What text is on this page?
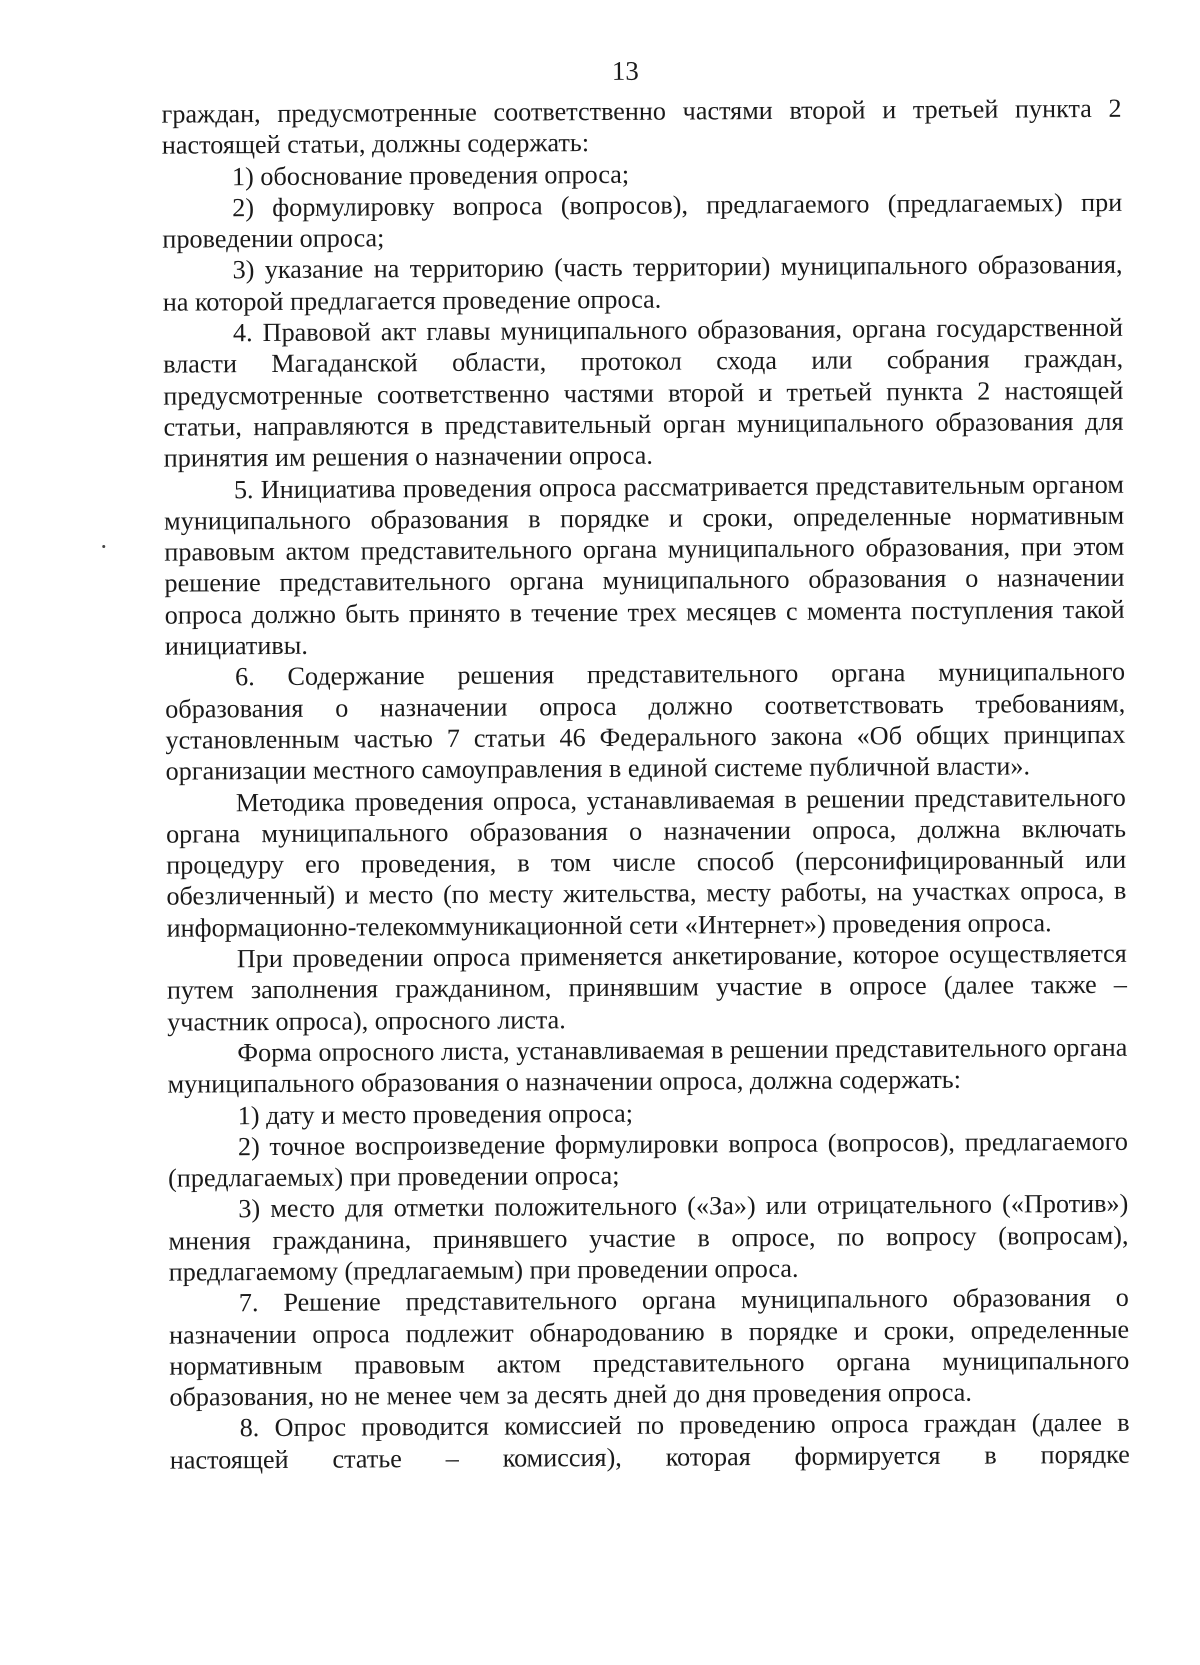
13

граждан, предусмотренные соответственно частями второй и третьей пункта 2 настоящей статьи, должны содержать:

1) обоснование проведения опроса;

2) формулировку вопроса (вопросов), предлагаемого (предлагаемых) при проведении опроса;

3) указание на территорию (часть территории) муниципального образования, на которой предлагается проведение опроса.

4. Правовой акт главы муниципального образования, органа государственной власти Магаданской области, протокол схода или собрания граждан, предусмотренные соответственно частями второй и третьей пункта 2 настоящей статьи, направляются в представительный орган муниципального образования для принятия им решения о назначении опроса.

5. Инициатива проведения опроса рассматривается представительным органом муниципального образования в порядке и сроки, определенные нормативным правовым актом представительного органа муниципального образования, при этом решение представительного органа муниципального образования о назначении опроса должно быть принято в течение трех месяцев с момента поступления такой инициативы.

6. Содержание решения представительного органа муниципального образования о назначении опроса должно соответствовать требованиям, установленным частью 7 статьи 46 Федерального закона «Об общих принципах организации местного самоуправления в единой системе публичной власти».

Методика проведения опроса, устанавливаемая в решении представительного органа муниципального образования о назначении опроса, должна включать процедуру его проведения, в том числе способ (персонифицированный или обезличенный) и место (по месту жительства, месту работы, на участках опроса, в информационно-телекоммуникационной сети «Интернет») проведения опроса.

При проведении опроса применяется анкетирование, которое осуществляется путем заполнения гражданином, принявшим участие в опросе (далее также – участник опроса), опросного листа.

Форма опросного листа, устанавливаемая в решении представительного органа муниципального образования о назначении опроса, должна содержать:

1) дату и место проведения опроса;

2) точное воспроизведение формулировки вопроса (вопросов), предлагаемого (предлагаемых) при проведении опроса;

3) место для отметки положительного («За») или отрицательного («Против») мнения гражданина, принявшего участие в опросе, по вопросу (вопросам), предлагаемому (предлагаемым) при проведении опроса.

7. Решение представительного органа муниципального образования о назначении опроса подлежит обнародованию в порядке и сроки, определенные нормативным правовым актом представительного органа муниципального образования, но не менее чем за десять дней до дня проведения опроса.

8. Опрос проводится комиссией по проведению опроса граждан (далее в настоящей статье – комиссия), которая формируется в порядке
